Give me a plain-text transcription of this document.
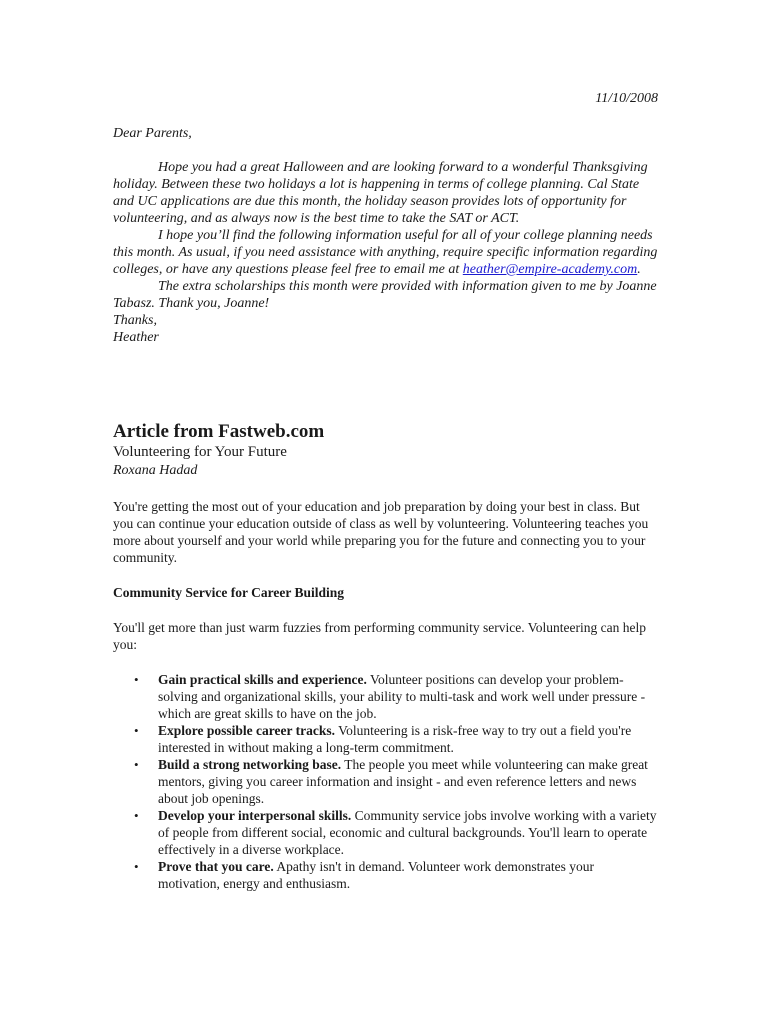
11/10/2008

Dear Parents,

Hope you had a great Halloween and are looking forward to a wonderful Thanksgiving holiday. Between these two holidays a lot is happening in terms of college planning. Cal State and UC applications are due this month, the holiday season provides lots of opportunity for volunteering, and as always now is the best time to take the SAT or ACT.

I hope you’ll find the following information useful for all of your college planning needs this month. As usual, if you need assistance with anything, require specific information regarding colleges, or have any questions please feel free to email me at heather@empire-academy.com.

The extra scholarships this month were provided with information given to me by Joanne Tabasz. Thank you, Joanne!

Thanks,

Heather

Article from Fastweb.com
Volunteering for Your Future
Roxana Hadad

You're getting the most out of your education and job preparation by doing your best in class. But you can continue your education outside of class as well by volunteering. Volunteering teaches you more about yourself and your world while preparing you for the future and connecting you to your community.

Community Service for Career Building

You'll get more than just warm fuzzies from performing community service. Volunteering can help you:

• Gain practical skills and experience. Volunteer positions can develop your problem-solving and organizational skills, your ability to multi-task and work well under pressure - which are great skills to have on the job.
• Explore possible career tracks. Volunteering is a risk-free way to try out a field you're interested in without making a long-term commitment.
• Build a strong networking base. The people you meet while volunteering can make great mentors, giving you career information and insight - and even reference letters and news about job openings.
• Develop your interpersonal skills. Community service jobs involve working with a variety of people from different social, economic and cultural backgrounds. You'll learn to operate effectively in a diverse workplace.
• Prove that you care. Apathy isn't in demand. Volunteer work demonstrates your motivation, energy and enthusiasm.
